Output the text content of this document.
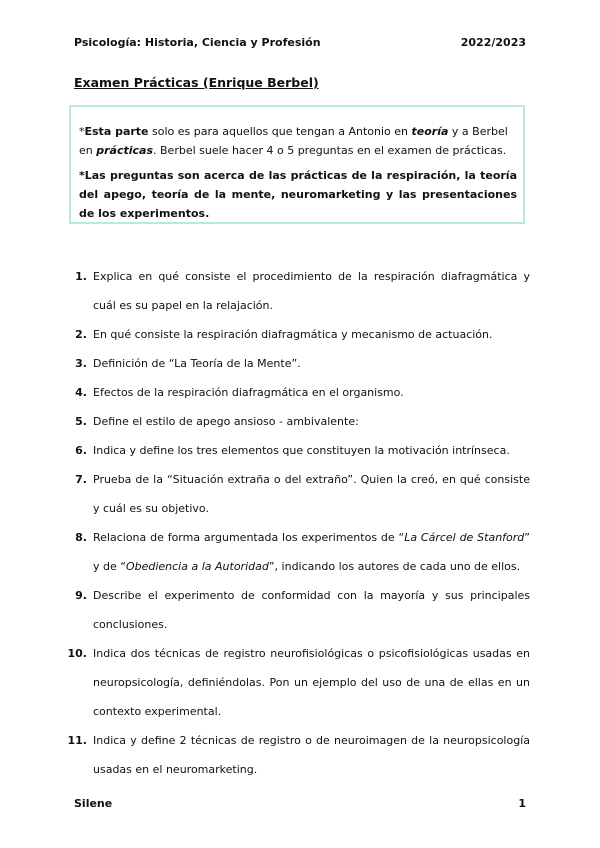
Psicología: Historia, Ciencia y Profesión	2022/2023
Examen Prácticas (Enrique Berbel)

*Esta parte solo es para aquellos que tengan a Antonio en teoría y a Berbel en prácticas. Berbel suele hacer 4 o 5 preguntas en el examen de prácticas.

*Las preguntas son acerca de las prácticas de la respiración, la teoría del apego, teoría de la mente, neuromarketing y las presentaciones de los experimentos.

1. Explica en qué consiste el procedimiento de la respiración diafragmática y cuál es su papel en la relajación.
2. En qué consiste la respiración diafragmática y mecanismo de actuación.
3. Definición de “La Teoría de la Mente”.
4. Efectos de la respiración diafragmática en el organismo.
5. Define el estilo de apego ansioso - ambivalente:
6. Indica y define los tres elementos que constituyen la motivación intrínseca.
7. Prueba de la “Situación extraña o del extraño”. Quien la creó, en qué consiste y cuál es su objetivo.
8. Relaciona de forma argumentada los experimentos de “La Cárcel de Stanford” y de “Obediencia a la Autoridad”, indicando los autores de cada uno de ellos.
9. Describe el experimento de conformidad con la mayoría y sus principales conclusiones.
10. Indica dos técnicas de registro neurofisiológicas o psicofisiológicas usadas en neuropsicología, definiéndolas. Pon un ejemplo del uso de una de ellas en un contexto experimental.
11. Indica y define 2 técnicas de registro o de neuroimagen de la neuropsicología usadas en el neuromarketing.
Silene	1
